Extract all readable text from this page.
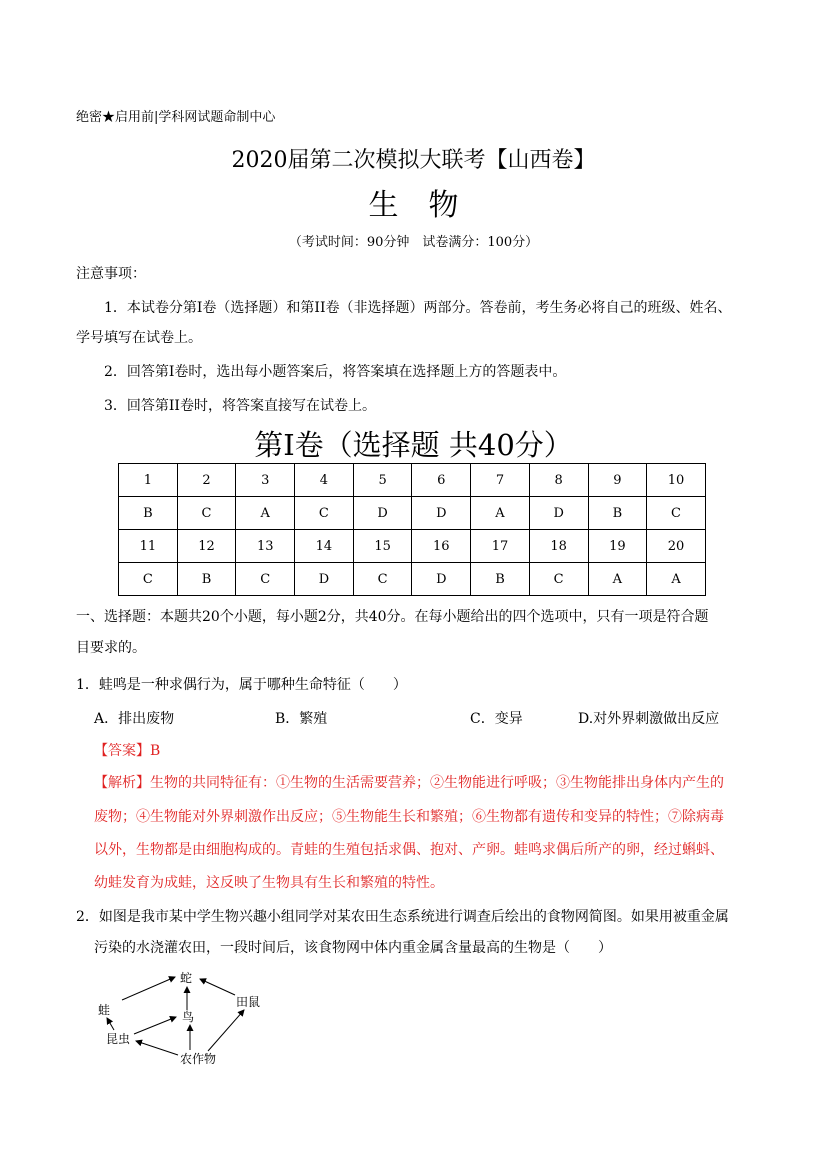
绝密★启用前|学科网试题命制中心
2020届第二次模拟大联考【山西卷】
生物
（考试时间：90分钟　试卷满分：100分）
注意事项：
1．本试卷分第I卷（选择题）和第II卷（非选择题）两部分。答卷前，考生务必将自己的班级、姓名、
学号填写在试卷上。
2．回答第I卷时，选出每小题答案后，将答案填在选择题上方的答题表中。
3．回答第II卷时，将答案直接写在试卷上。
第I卷（选择题 共40分）
1	2	3	4	5	6	7	8	9	10
B	C	A	C	D	D	A	D	B	C
11	12	13	14	15	16	17	18	19	20
C	B	C	D	C	D	B	C	A	A
一、选择题：本题共20个小题，每小题2分，共40分。在每小题给出的四个选项中，只有一项是符合题
目要求的。
1．蛙鸣是一种求偶行为，属于哪种生命特征（　　）
A．排出废物	B．繁殖	C．变异	D.对外界刺激做出反应
【答案】B
【解析】生物的共同特征有：①生物的生活需要营养；②生物能进行呼吸；③生物能排出身体内产生的
废物；④生物能对外界刺激作出反应；⑤生物能生长和繁殖；⑥生物都有遗传和变异的特性；⑦除病毒
以外，生物都是由细胞构成的。青蛙的生殖包括求偶、抱对、产卵。蛙鸣求偶后所产的卵，经过蝌蚪、
幼蛙发育为成蛙，这反映了生物具有生长和繁殖的特性。
2．如图是我市某中学生物兴趣小组同学对某农田生态系统进行调查后绘出的食物网简图。如果用被重金属
污染的水浇灌农田，一段时间后，该食物网中体内重金属含量最高的生物是（　　）
蛇
蛙	鸟
田鼠
昆虫
农作物
